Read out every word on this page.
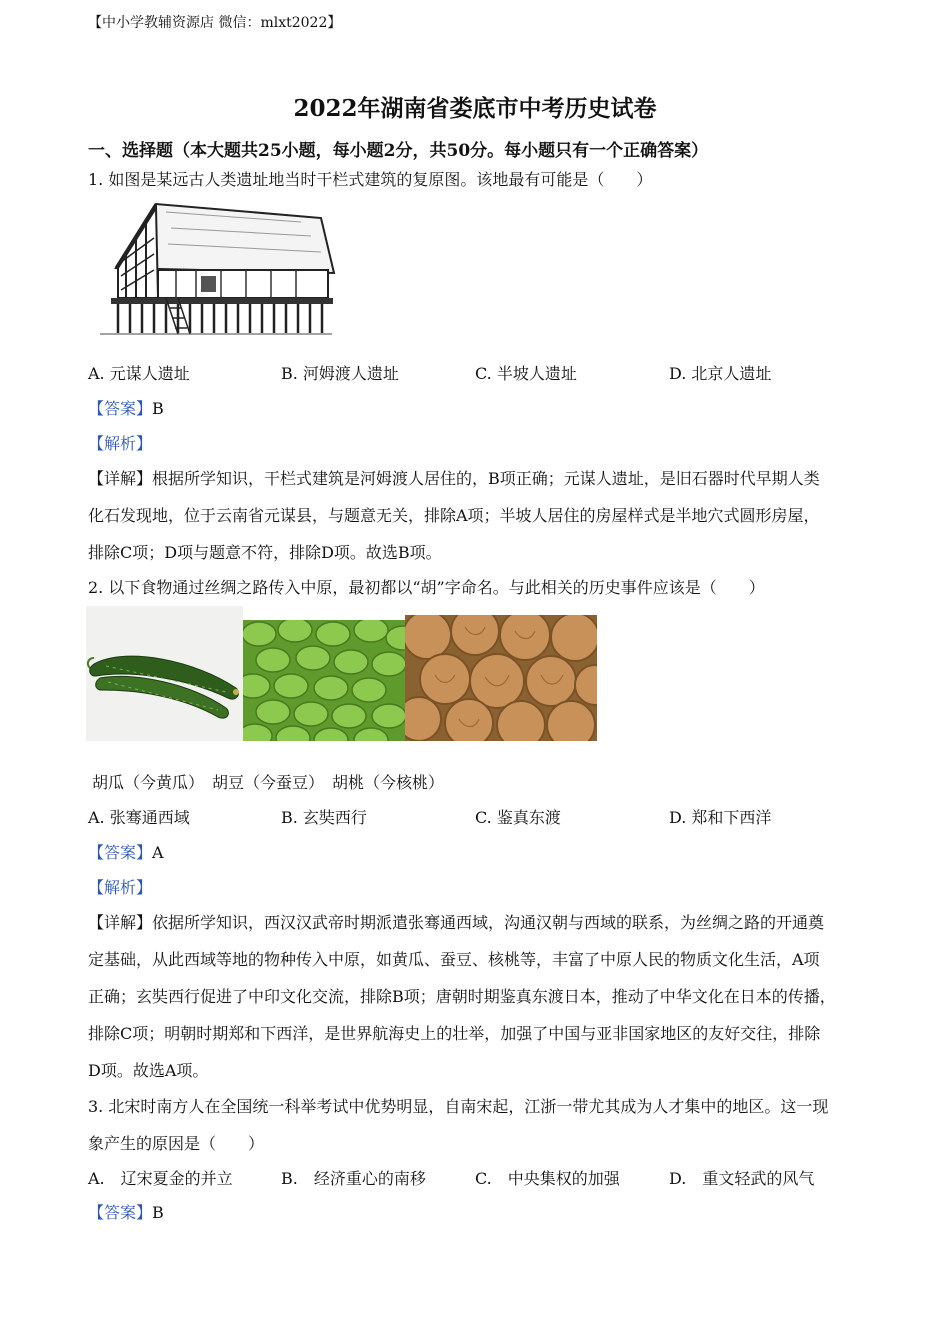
【中小学教辅资源店 微信：mlxt2022】
2022年湖南省娄底市中考历史试卷
一、选择题（本大题共25小题，每小题2分，共50分。每小题只有一个正确答案）
1. 如图是某远古人类遗址地当时干栏式建筑的复原图。该地最有可能是（　　）
A. 元谋人遗址	B. 河姆渡人遗址	C. 半坡人遗址	D. 北京人遗址
【答案】B
【解析】
【详解】根据所学知识，干栏式建筑是河姆渡人居住的，B项正确；元谋人遗址，是旧石器时代早期人类
化石发现地，位于云南省元谋县，与题意无关，排除A项；半坡人居住的房屋样式是半地穴式圆形房屋，
排除C项；D项与题意不符，排除D项。故选B项。
2. 以下食物通过丝绸之路传入中原，最初都以“胡”字命名。与此相关的历史事件应该是（　　）
胡瓜（今黄瓜）　胡豆（今蚕豆）　胡桃（今核桃）
A. 张骞通西域	B. 玄奘西行	C. 鉴真东渡	D. 郑和下西洋
【答案】A
【解析】
【详解】依据所学知识，西汉汉武帝时期派遣张骞通西域，沟通汉朝与西域的联系，为丝绸之路的开通奠
定基础，从此西域等地的物种传入中原，如黄瓜、蚕豆、核桃等，丰富了中原人民的物质文化生活，A项
正确；玄奘西行促进了中印文化交流，排除B项；唐朝时期鉴真东渡日本，推动了中华文化在日本的传播，
排除C项；明朝时期郑和下西洋，是世界航海史上的壮举，加强了中国与亚非国家地区的友好交往，排除
D项。故选A项。
3. 北宋时南方人在全国统一科举考试中优势明显，自南宋起，江浙一带尤其成为人才集中的地区。这一现
象产生的原因是（　　）
A.　辽宋夏金的并立	B.　经济重心的南移	C.　中央集权的加强	D.　重文轻武的风气
【答案】B
